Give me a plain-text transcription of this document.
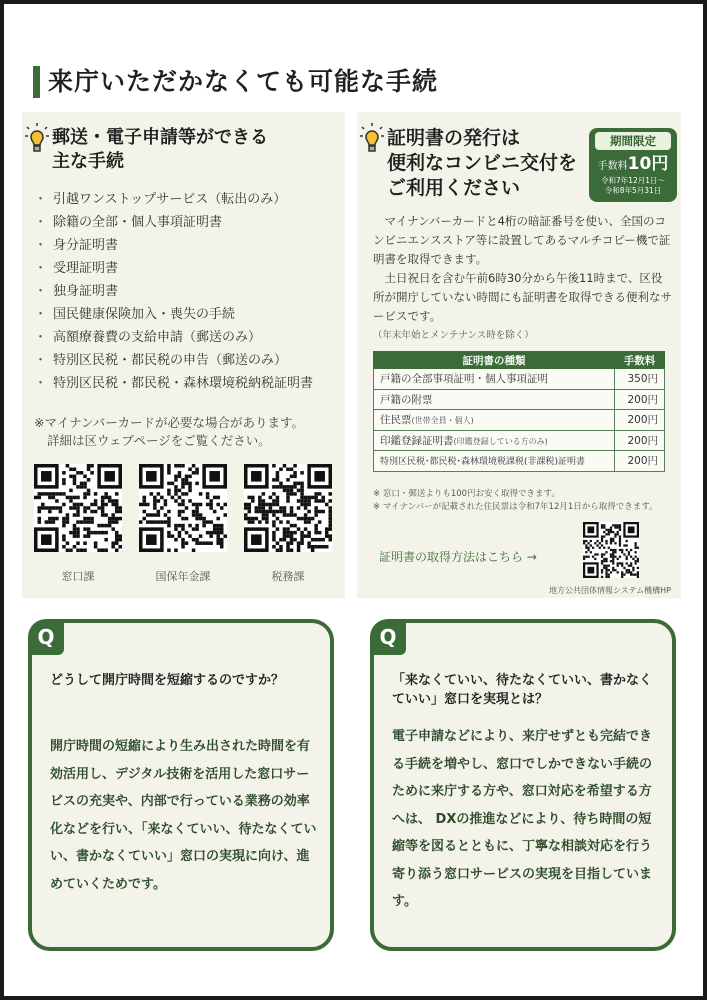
来庁いただかなくても可能な手続
郵送・電子申請等ができる
主な手続
・ 引越ワンストップサービス（転出のみ）
・ 除籍の全部・個人事項証明書
・ 身分証明書
・ 受理証明書
・ 独身証明書
・ 国民健康保険加入・喪失の手続
・ 高額療養費の支給申請（郵送のみ）
・ 特別区民税・都民税の申告（郵送のみ）
・ 特別区民税・都民税・森林環境税納税証明書
※マイナンバーカードが必要な場合があります。
詳細は区ウェブページをご覧ください。
窓口課	国保年金課	税務課
証明書の発行は
便利なコンビニ交付を
ご利用ください
期間限定
手数料10円
令和7年12月1日～
令和8年5月31日

マイナンバーカードと4桁の暗証番号を使い、全国のコンビニエンスストア等に設置してあるマルチコピー機で証明書を取得できます。

土日祝日を含む午前6時30分から午後11時まで、区役所が開庁していない時間にも証明書を取得できる便利なサービスです。

（年末年始とメンテナンス時を除く）

証明書の種類	手数料
戸籍の全部事項証明・個人事項証明	350円
戸籍の附票	200円
住民票(世帯全員・個人)	200円
印鑑登録証明書(印鑑登録している方のみ)	200円
特別区民税･都民税･森林環境税課税(非課税)証明書	200円
※ 窓口・郵送よりも100円お安く取得できます。
※ マイナンバーが記載された住民票は令和7年12月1日から取得できます。
証明書の取得方法はこちら →
地方公共団体情報システム機構HP
Q
どうして開庁時間を短縮するのですか？
開庁時間の短縮により生み出された時間を有効活用し、デジタル技術を活用した窓口サービスの充実や、内部で行っている業務の効率化などを行い、「来なくていい、待たなくていい、書かなくていい」窓口の実現に向け、進めていくためです。
Q
「来なくていい、待たなくていい、書かなくていい」窓口を実現とは？
電子申請などにより、来庁せずとも完結できる手続を増やし、窓口でしかできない手続のために来庁する方や、窓口対応を希望する方へは、 DXの推進などにより、待ち時間の短縮等を図るとともに、丁寧な相談対応を行う寄り添う窓口サービスの実現を目指しています。
